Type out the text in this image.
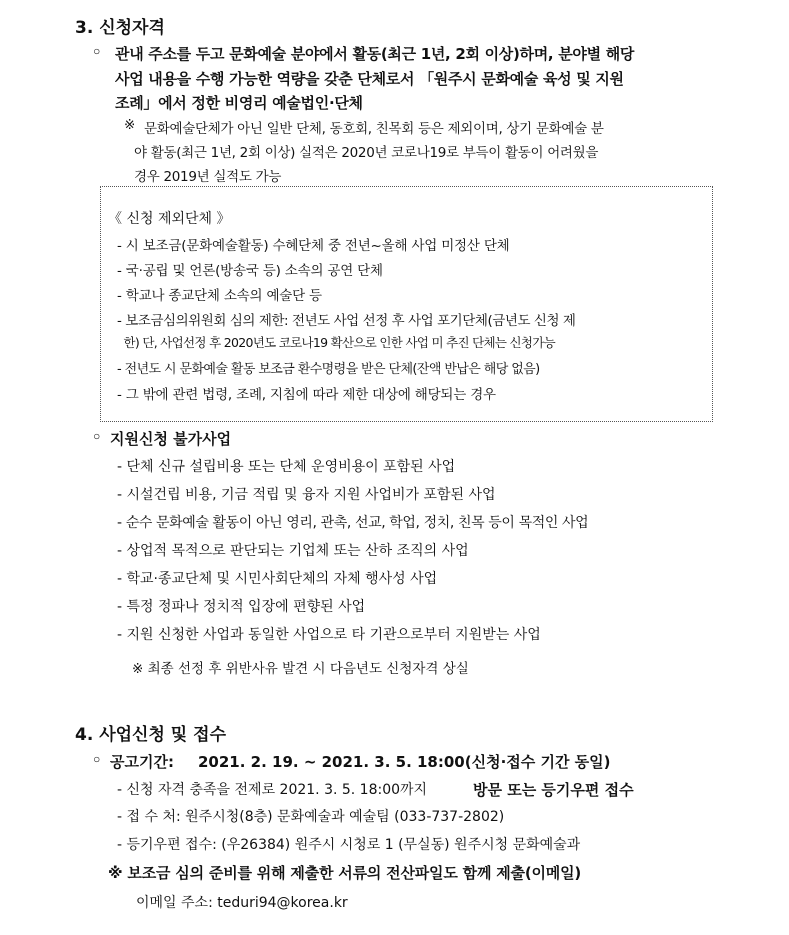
3. 신청자격
◦ 관내 주소를 두고 문화예술 분야에서 활동(최근 1년, 2회 이상)하며, 분야별 해당
사업 내용을 수행 가능한 역량을 갖춘 단체로서 「원주시 문화예술 육성 및 지원
조례」에서 정한 비영리 예술법인·단체
※ 문화예술단체가 아닌 일반 단체, 동호회, 친목회 등은 제외이며, 상기 문화예술 분
야 활동(최근 1년, 2회 이상) 실적은 2020년 코로나19로 부득이 활동이 어려웠을
경우 2019년 실적도 가능
《 신청 제외단체 》
- 시 보조금(문화예술활동) 수혜단체 중 전년~올해 사업 미정산 단체
- 국·공립 및 언론(방송국 등) 소속의 공연 단체
- 학교나 종교단체 소속의 예술단 등
- 보조금심의위원회 심의 제한: 전년도 사업 선정 후 사업 포기단체(금년도 신청 제
한) 단, 사업선정 후 2020년도 코로나19 확산으로 인한 사업 미 추진 단체는 신청가능
- 전년도 시 문화예술 활동 보조금 환수명령을 받은 단체(잔액 반납은 해당 없음)
- 그 밖에 관련 법령, 조례, 지침에 따라 제한 대상에 해당되는 경우
◦ 지원신청 불가사업
- 단체 신규 설립비용 또는 단체 운영비용이 포함된 사업
- 시설건립 비용, 기금 적립 및 융자 지원 사업비가 포함된 사업
- 순수 문화예술 활동이 아닌 영리, 관촉, 선교, 학업, 정치, 친목 등이 목적인 사업
- 상업적 목적으로 판단되는 기업체 또는 산하 조직의 사업
- 학교·종교단체 및 시민사회단체의 자체 행사성 사업
- 특정 정파나 정치적 입장에 편향된 사업
- 지원 신청한 사업과 동일한 사업으로 타 기관으로부터 지원받는 사업
※ 최종 선정 후 위반사유 발견 시 다음년도 신청자격 상실
4. 사업신청 및 접수
◦ 공고기간: 2021. 2. 19. ~ 2021. 3. 5. 18:00(신청·접수 기간 동일)
- 신청 자격 충족을 전제로 2021. 3. 5. 18:00까지	방문 또는 등기우편 접수
- 접 수 처: 원주시청(8층) 문화예술과 예술팀 (033-737-2802)
- 등기우편 접수: (우26384) 원주시 시청로 1 (무실동) 원주시청 문화예술과
※ 보조금 심의 준비를 위해 제출한 서류의 전산파일도 함께 제출(이메일)
이메일 주소: teduri94@korea.kr
